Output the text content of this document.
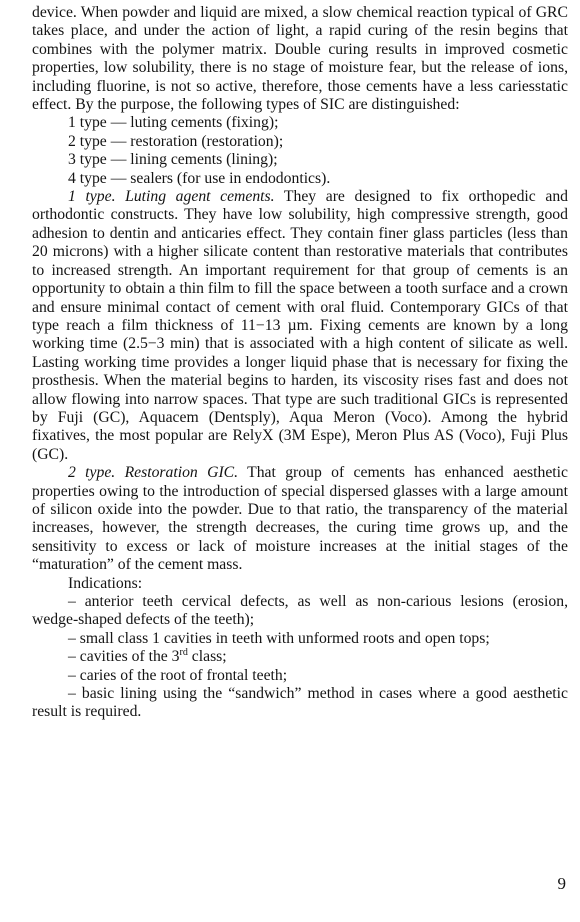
device. When powder and liquid are mixed, a slow chemical reaction typical of GRC takes place, and under the action of light, a rapid curing of the resin begins that combines with the polymer matrix. Double curing results in improved cosmetic properties, low solubility, there is no stage of moisture fear, but the release of ions, including fluorine, is not so active, therefore, those cements have a less cariesstatic effect. By the purpose, the following types of SIC are distinguished:

1 type — luting cements (fixing);

2 type — restoration (restoration);

3 type — lining cements (lining);

4 type — sealers (for use in endodontics).

1 type. Luting agent cements. They are designed to fix orthopedic and orthodontic constructs. They have low solubility, high compressive strength, good adhesion to dentin and anticaries effect. They contain finer glass particles (less than 20 microns) with a higher silicate content than restorative materials that contributes to increased strength. An important requirement for that group of cements is an opportunity to obtain a thin film to fill the space between a tooth surface and a crown and ensure minimal contact of cement with oral fluid. Contemporary GICs of that type reach a film thickness of 11−13 µm. Fixing cements are known by a long working time (2.5−3 min) that is associated with a high content of silicate as well. Lasting working time provides a longer liquid phase that is necessary for fixing the prosthesis. When the material begins to harden, its viscosity rises fast and does not allow flowing into narrow spaces. That type are such traditional GICs is represented by Fuji (GC), Aquacem (Dentsply), Aqua Meron (Voco). Among the hybrid fixatives, the most popular are RelyX (3M Espe), Meron Plus AS (Voco), Fuji Plus (GC).

2 type. Restoration GIC. That group of cements has enhanced aesthetic properties owing to the introduction of special dispersed glasses with a large amount of silicon oxide into the powder. Due to that ratio, the transparency of the material increases, however, the strength decreases, the curing time grows up, and the sensitivity to excess or lack of moisture increases at the initial stages of the “maturation” of the cement mass.

Indications:

– anterior teeth cervical defects, as well as non-carious lesions (erosion, wedge-shaped defects of the teeth);

– small class 1 cavities in teeth with unformed roots and open tops;

– cavities of the 3rd class;

– caries of the root of frontal teeth;

– basic lining using the “sandwich” method in cases where a good aesthetic result is required.

9
